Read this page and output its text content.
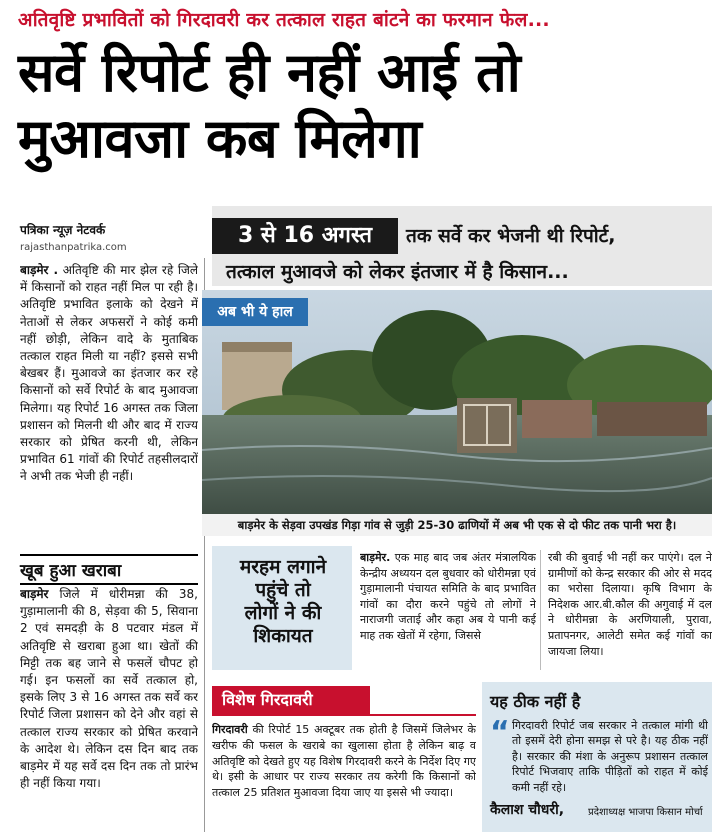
अतिवृष्टि प्रभावितों को गिरदावरी कर तत्काल राहत बांटने का फरमान फेल...
सर्वे रिपोर्ट ही नहीं आई तो
मुआवजा कब मिलेगा
पत्रिका न्यूज़ नेटवर्क
rajasthanpatrika.com
बाड़मेर . अतिवृष्टि की मार झेल रहे जिले में किसानों को राहत नहीं मिल पा रही है। अतिवृष्टि प्रभावित इलाके को देखने में नेताओं से लेकर अफसरों ने कोई कमी नहीं छोड़ी, लेकिन वादे के मुताबिक तत्काल राहत मिली या नहीं? इससे सभी बेखबर हैं। मुआवजे का इंतजार कर रहे किसानों को सर्वे रिपोर्ट के बाद मुआवजा मिलेगा। यह रिपोर्ट 16 अगस्त तक जिला प्रशासन को मिलनी थी और बाद में राज्य सरकार को प्रेषित करनी थी, लेकिन प्रभावित 61 गांवों की रिपोर्ट तहसीलदारों ने अभी तक भेजी ही नहीं।
खूब हुआ खराबा
बाड़मेर जिले में धोरीमन्ना की 38, गुड़ामालानी की 8, सेड़वा की 5, सिवाना 2 एवं समदड़ी के 8 पटवार मंडल में अतिवृष्टि से खराबा हुआ था। खेतों की मिट्टी तक बह जाने से फसलें चौपट हो गई। इन फसलों का सर्वे तत्काल हो, इसके लिए 3 से 16 अगस्त तक सर्वे कर रिपोर्ट जिला प्रशासन को देने और वहां से तत्काल राज्य सरकार को प्रेषित करवाने के आदेश थे। लेकिन दस दिन बाद तक बाड़मेर में यह सर्वे दस दिन तक तो प्रारंभ ही नहीं किया गया।
3 से 16 अगस्त	तक सर्वे कर भेजनी थी रिपोर्ट,
तत्काल मुआवजे को लेकर इंतजार में है किसान...
अब भी ये हाल
बाड़मेर के सेड़वा उपखंड गिड़ा गांव से जुड़ी 25-30 ढाणियों में अब भी एक से दो फीट तक पानी भरा है।
मरहम लगाने
पहुंचे तो
लोगों ने की
शिकायत
बाड़मेर. एक माह बाद जब अंतर मंत्रालयिक केन्द्रीय अध्ययन दल बुधवार को धोरीमन्ना एवं गुड़ामालानी पंचायत समिति के बाद प्रभावित गांवों का दौरा करने पहुंचे तो लोगों ने नाराजगी जताई और कहा अब ये पानी कई माह तक खेतों में रहेगा, जिससे
रबी की बुवाई भी नहीं कर पाएंगे। दल ने ग्रामीणों को केन्द्र सरकार की ओर से मदद का भरोसा दिलाया। कृषि विभाग के निदेशक आर.बी.कौल की अगुवाई में दल ने धोरीमन्ना के अरणियाली, पुरावा, प्रतापनगर, आलेटी समेत कई गांवों का जायजा लिया।
विशेष गिरदावरी
गिरदावरी की रिपोर्ट 15 अक्टूबर तक होती है जिसमें जिलेभर के खरीफ की फसल के खराबे का खुलासा होता है लेकिन बाढ़ व अतिवृष्टि को देखते हुए यह विशेष गिरदावरी करने के निर्देश दिए गए थे। इसी के आधार पर राज्य सरकार तय करेगी कि किसानों को तत्काल 25 प्रतिशत मुआवजा दिया जाए या इससे भी ज्यादा।
यह ठीक नहीं है
“ गिरदावरी रिपोर्ट जब सरकार ने तत्काल मांगी थी तो इसमें देरी होना समझ से परे है। यह ठीक नहीं है। सरकार की मंशा के अनुरूप प्रशासन तत्काल रिपोर्ट भिजवाए ताकि पीड़ितों को राहत में कोई कमी नहीं रहे।
कैलाश चौधरी,	प्रदेशाध्यक्ष भाजपा किसान मोर्चा
